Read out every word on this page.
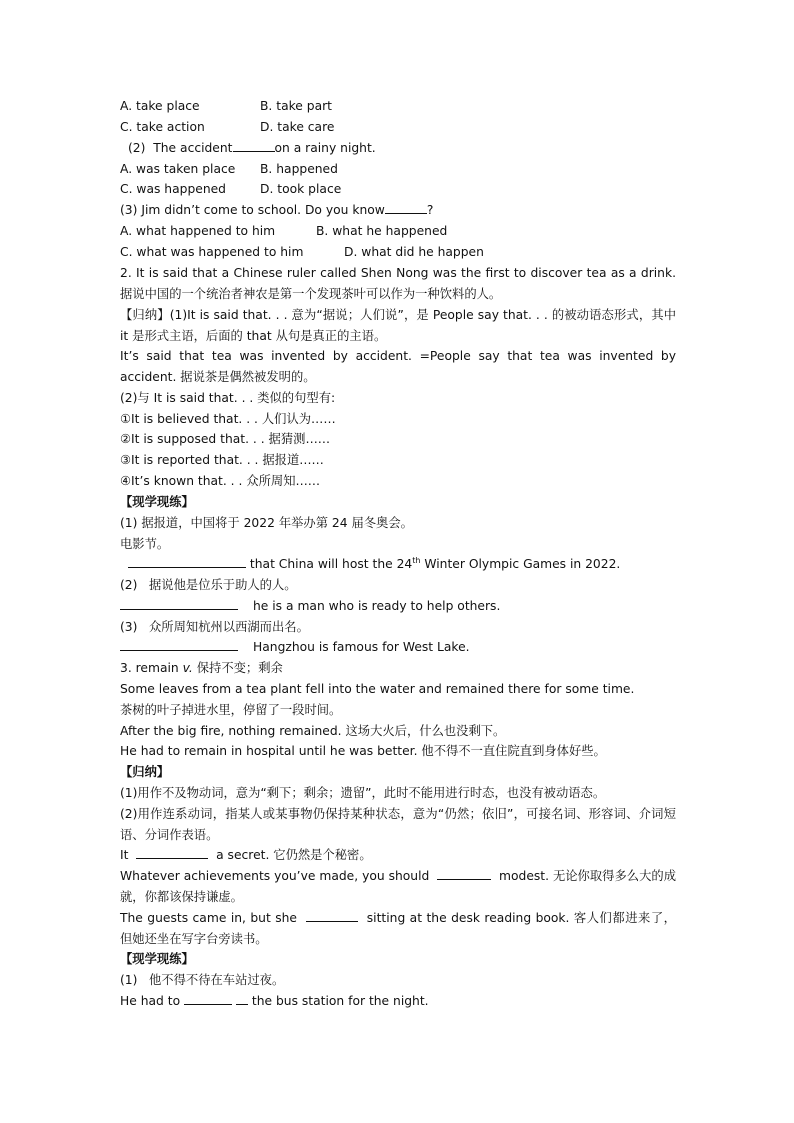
A. take place	B. take part
C. take action	D. take care
(2) The accident	on a rainy night.
A. was taken place B. happened
C. was happened	D. took place
(3) Jim didn’t come to school. Do you know	?
A. what happened to him	B. what he happened
C. what was happened to him	D. what did he happen
2. It is said that a Chinese ruler called Shen Nong was the first to discover tea as a drink. 据说中国的一个统治者神农是第一个发现茶叶可以作为一种饮料的人。
【归纳】(1)It is said that. . . 意为“据说；人们说”，是 People say that. . . 的被动语态形式，其中 it 是形式主语，后面的 that 从句是真正的主语。
It’s said that tea was invented by accident. =People say that tea was invented by accident. 据说茶是偶然被发明的。
(2)与 It is said that. . . 类似的句型有:
①It is believed that. . . 人们认为……
②It is supposed that. . . 据猜测……
③It is reported that. . . 据报道……
④It’s known that. . . 众所周知……
【现学现练】
(1) 据报道，中国将于 2022 年举办第 24 届冬奥会。
电影节。
that China will host the 24th Winter Olympic Games in 2022.
(2) 据说他是位乐于助人的人。
he is a man who is ready to help others.
(3) 众所周知杭州以西湖而出名。
Hangzhou is famous for West Lake.
3. remain v. 保持不变；剩余
Some leaves from a tea plant fell into the water and remained there for some time.
茶树的叶子掉进水里，停留了一段时间。
After the big fire, nothing remained. 这场大火后，什么也没剩下。
He had to remain in hospital until he was better. 他不得不一直住院直到身体好些。
【归纳】
(1)用作不及物动词，意为“剩下；剩余；遗留”，此时不能用进行时态，也没有被动语态。
(2)用作连系动词，指某人或某事物仍保持某种状态，意为“仍然；依旧”，可接名词、形容词、介词短语、分词作表语。
It	a secret. 它仍然是个秘密。
Whatever achievements you’ve made, you should	modest. 无论你取得多么大的成就，你都该保持谦虚。
The guests came in, but she	sitting at the desk reading book. 客人们都进来了，但她还坐在写字台旁读书。
【现学现练】
(1) 他不得不待在车站过夜。
He had to	the bus station for the night.
